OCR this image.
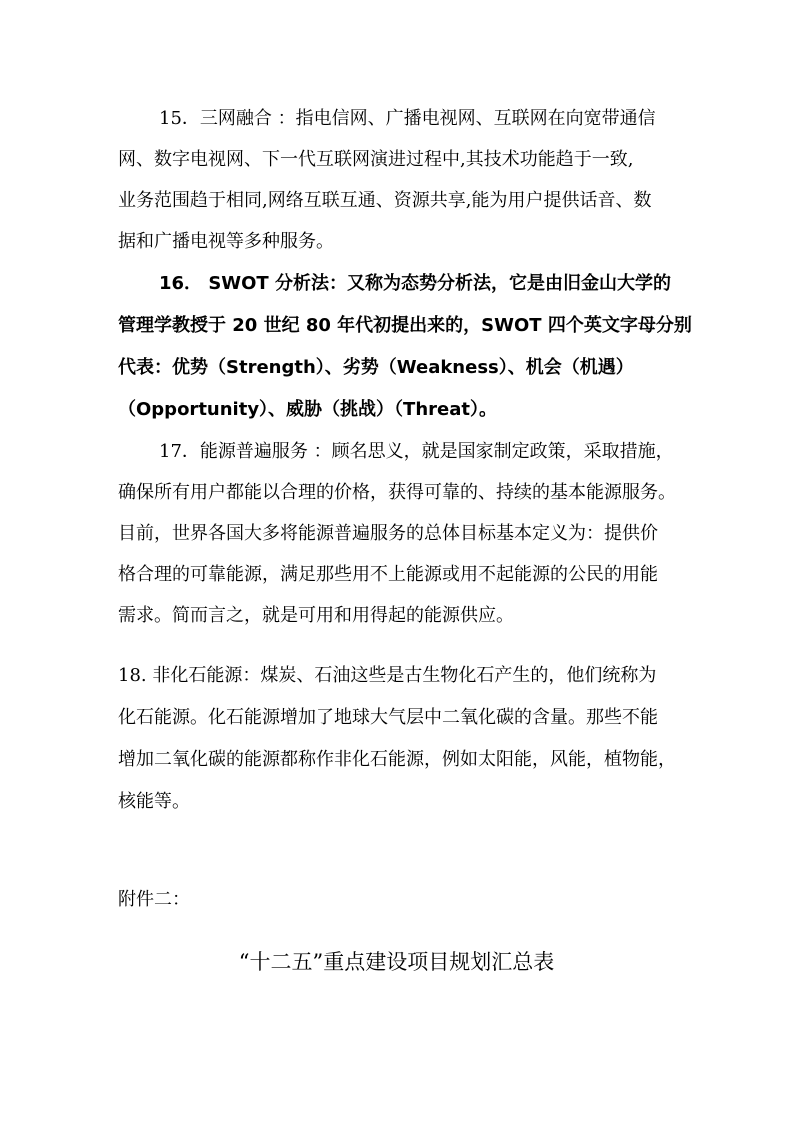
15．三网融合 ：指电信网、广播电视网、互联网在向宽带通信
网、数字电视网、下一代互联网演进过程中,其技术功能趋于一致,
业务范围趋于相同,网络互联互通、资源共享,能为用户提供话音、数
据和广播电视等多种服务。
16． SWOT 分析法：又称为态势分析法，它是由旧金山大学的
管理学教授于 20 世纪 80 年代初提出来的，SWOT 四个英文字母分别
代表：优势（Strength）、劣势（Weakness）、机会（机遇）
（Opportunity）、威胁（挑战）（Threat）。
17．能源普遍服务 ：顾名思义，就是国家制定政策，采取措施，
确保所有用户都能以合理的价格，获得可靠的、持续的基本能源服务。
目前，世界各国大多将能源普遍服务的总体目标基本定义为：提供价
格合理的可靠能源，满足那些用不上能源或用不起能源的公民的用能
需求。简而言之，就是可用和用得起的能源供应。
18. 非化石能源：煤炭、石油这些是古生物化石产生的，他们统称为
化石能源。化石能源增加了地球大气层中二氧化碳的含量。那些不能
增加二氧化碳的能源都称作非化石能源，例如太阳能，风能，植物能，
核能等。
附件二：
“十二五”重点建设项目规划汇总表
